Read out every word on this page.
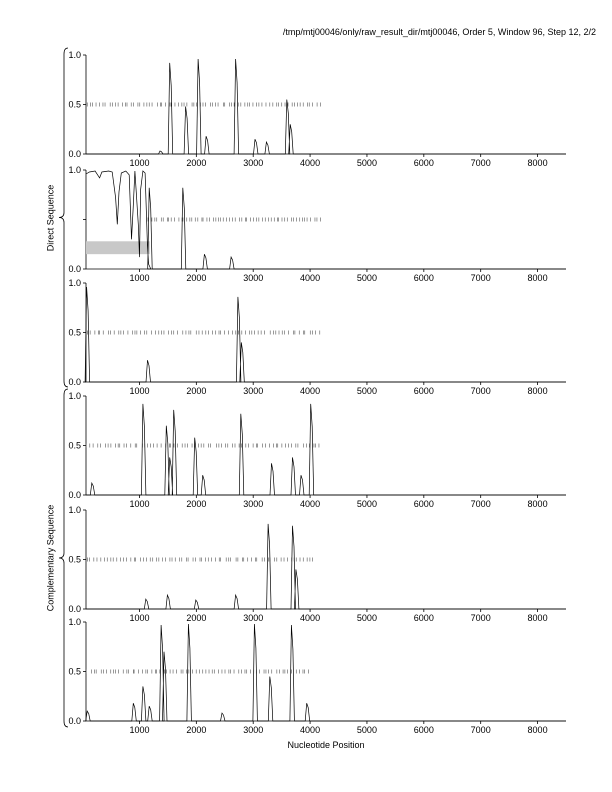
/tmp/mtj00046/only/raw_result_dir/mtj00046, Order 5, Window 96, Step 12, 2/2
0.0
0.5
1.0
1000	2000	3000	4000	5000	6000	7000	8000
0.0
1.0
1000	2000	3000	4000	5000	6000	7000	8000
0.0
0.5
1.0
1000	2000	3000	4000	5000	6000	7000	8000
0.0
0.5
1.0
1000	2000	3000	4000	5000	6000	7000	8000
0.0
0.5
1.0
1000	2000	3000	4000	5000	6000	7000	8000
0.0
0.5
1.0
1000	2000	3000	4000	5000	6000	7000	8000
Direct Sequence
Complementary Sequence
Nucleotide Position
